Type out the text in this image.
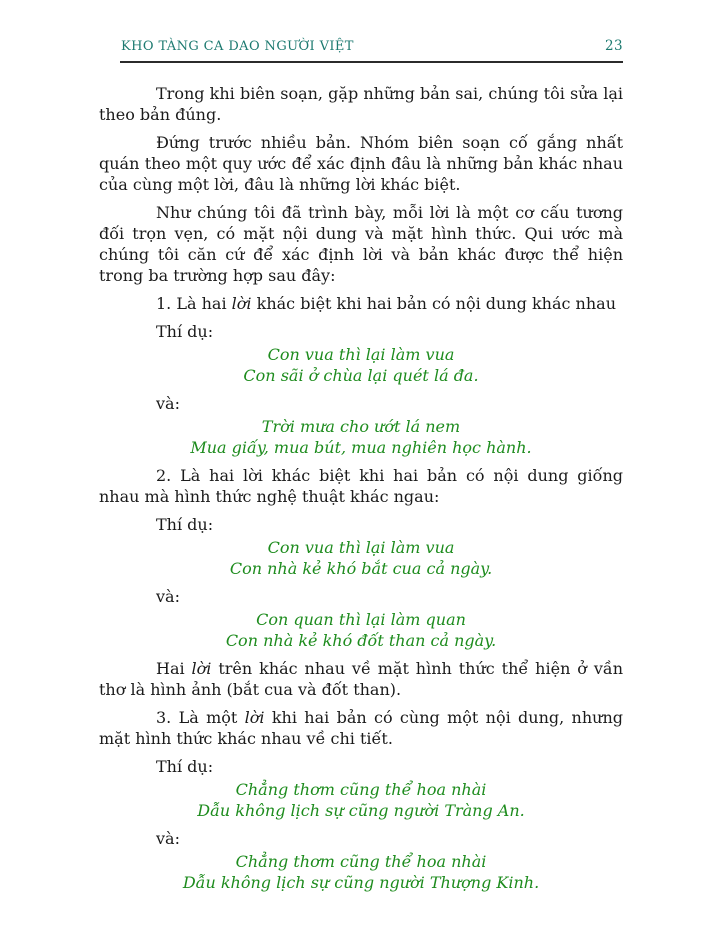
KHO TÀNG CA DAO NGƯỜI VIỆT	23

Trong khi biên soạn, gặp những bản sai, chúng tôi sửa lại theo bản đúng.

Đứng trước nhiều bản. Nhóm biên soạn cố gắng nhất quán theo một quy ước để xác định đâu là những bản khác nhau của cùng một lời, đâu là những lời khác biệt.

Như chúng tôi đã trình bày, mỗi lời là một cơ cấu tương đối trọn vẹn, có mặt nội dung và mặt hình thức. Qui ước mà chúng tôi căn cứ để xác định lời và bản khác được thể hiện trong ba trường hợp sau đây:

1. Là hai lời khác biệt khi hai bản có nội dung khác nhau

Thí dụ:

Con vua thì lại làm vua
Con sãi ở chùa lại quét lá đa.

và:

Trời mưa cho ướt lá nem
Mua giấy, mua bút, mua nghiên học hành.

2. Là hai lời khác biệt khi hai bản có nội dung giống nhau mà hình thức nghệ thuật khác ngau:

Thí dụ:

Con vua thì lại làm vua
Con nhà kẻ khó bắt cua cả ngày.

và:

Con quan thì lại làm quan
Con nhà kẻ khó đốt than cả ngày.

Hai lời trên khác nhau về mặt hình thức thể hiện ở vần thơ là hình ảnh (bắt cua và đốt than).

3. Là một lời khi hai bản có cùng một nội dung, nhưng mặt hình thức khác nhau về chi tiết.

Thí dụ:

Chẳng thơm cũng thể hoa nhài
Dẫu không lịch sự cũng người Tràng An.

và:

Chẳng thơm cũng thể hoa nhài
Dẫu không lịch sự cũng người Thượng Kinh.
